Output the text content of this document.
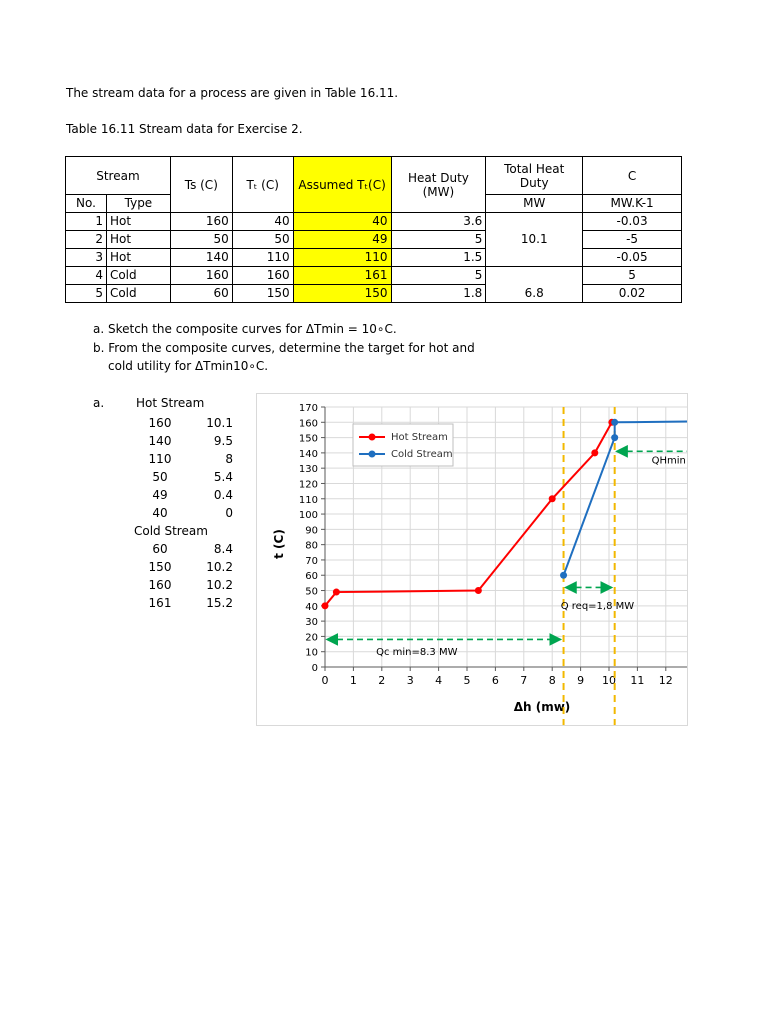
The stream data for a process are given in Table 16.11.
Table 16.11 Stream data for Exercise 2.
Stream		Ts (C)	Tₜ (C)	Assumed Tₜ(C)	Heat Duty (MW)	Total Heat Duty	C
No.	Type					MW	MW.K-1
1	Hot	160	40	40	3.6	10.1	-0.03
2	Hot	50	50	49	5		-5
3	Hot	140	110	110	1.5		-0.05
4	Cold	160	160	161	5	6.8	5
5	Cold	60	150	150	1.8		0.02
a. Sketch the composite curves for ΔTmin = 10∘C.
b. From the composite curves, determine the target for hot and
cold utility for ΔTmin10∘C.
a.	Hot Stream
160	10.1
140	9.5
110	8
50	5.4
49	0.4
40	0
Cold Stream
60	8.4
150	10.2
160	10.2
161	15.2
0
10
20
30
40
50
60
70
80
90
100
110
120
130
140
150
160
170
0 1 2 3 4 5 6 7 8 9 10 11 12
Δh (mw)
t (C)
Qc min=8.3 MW
Q req=1,8 MW
QHmin
Hot Stream
Cold Stream
